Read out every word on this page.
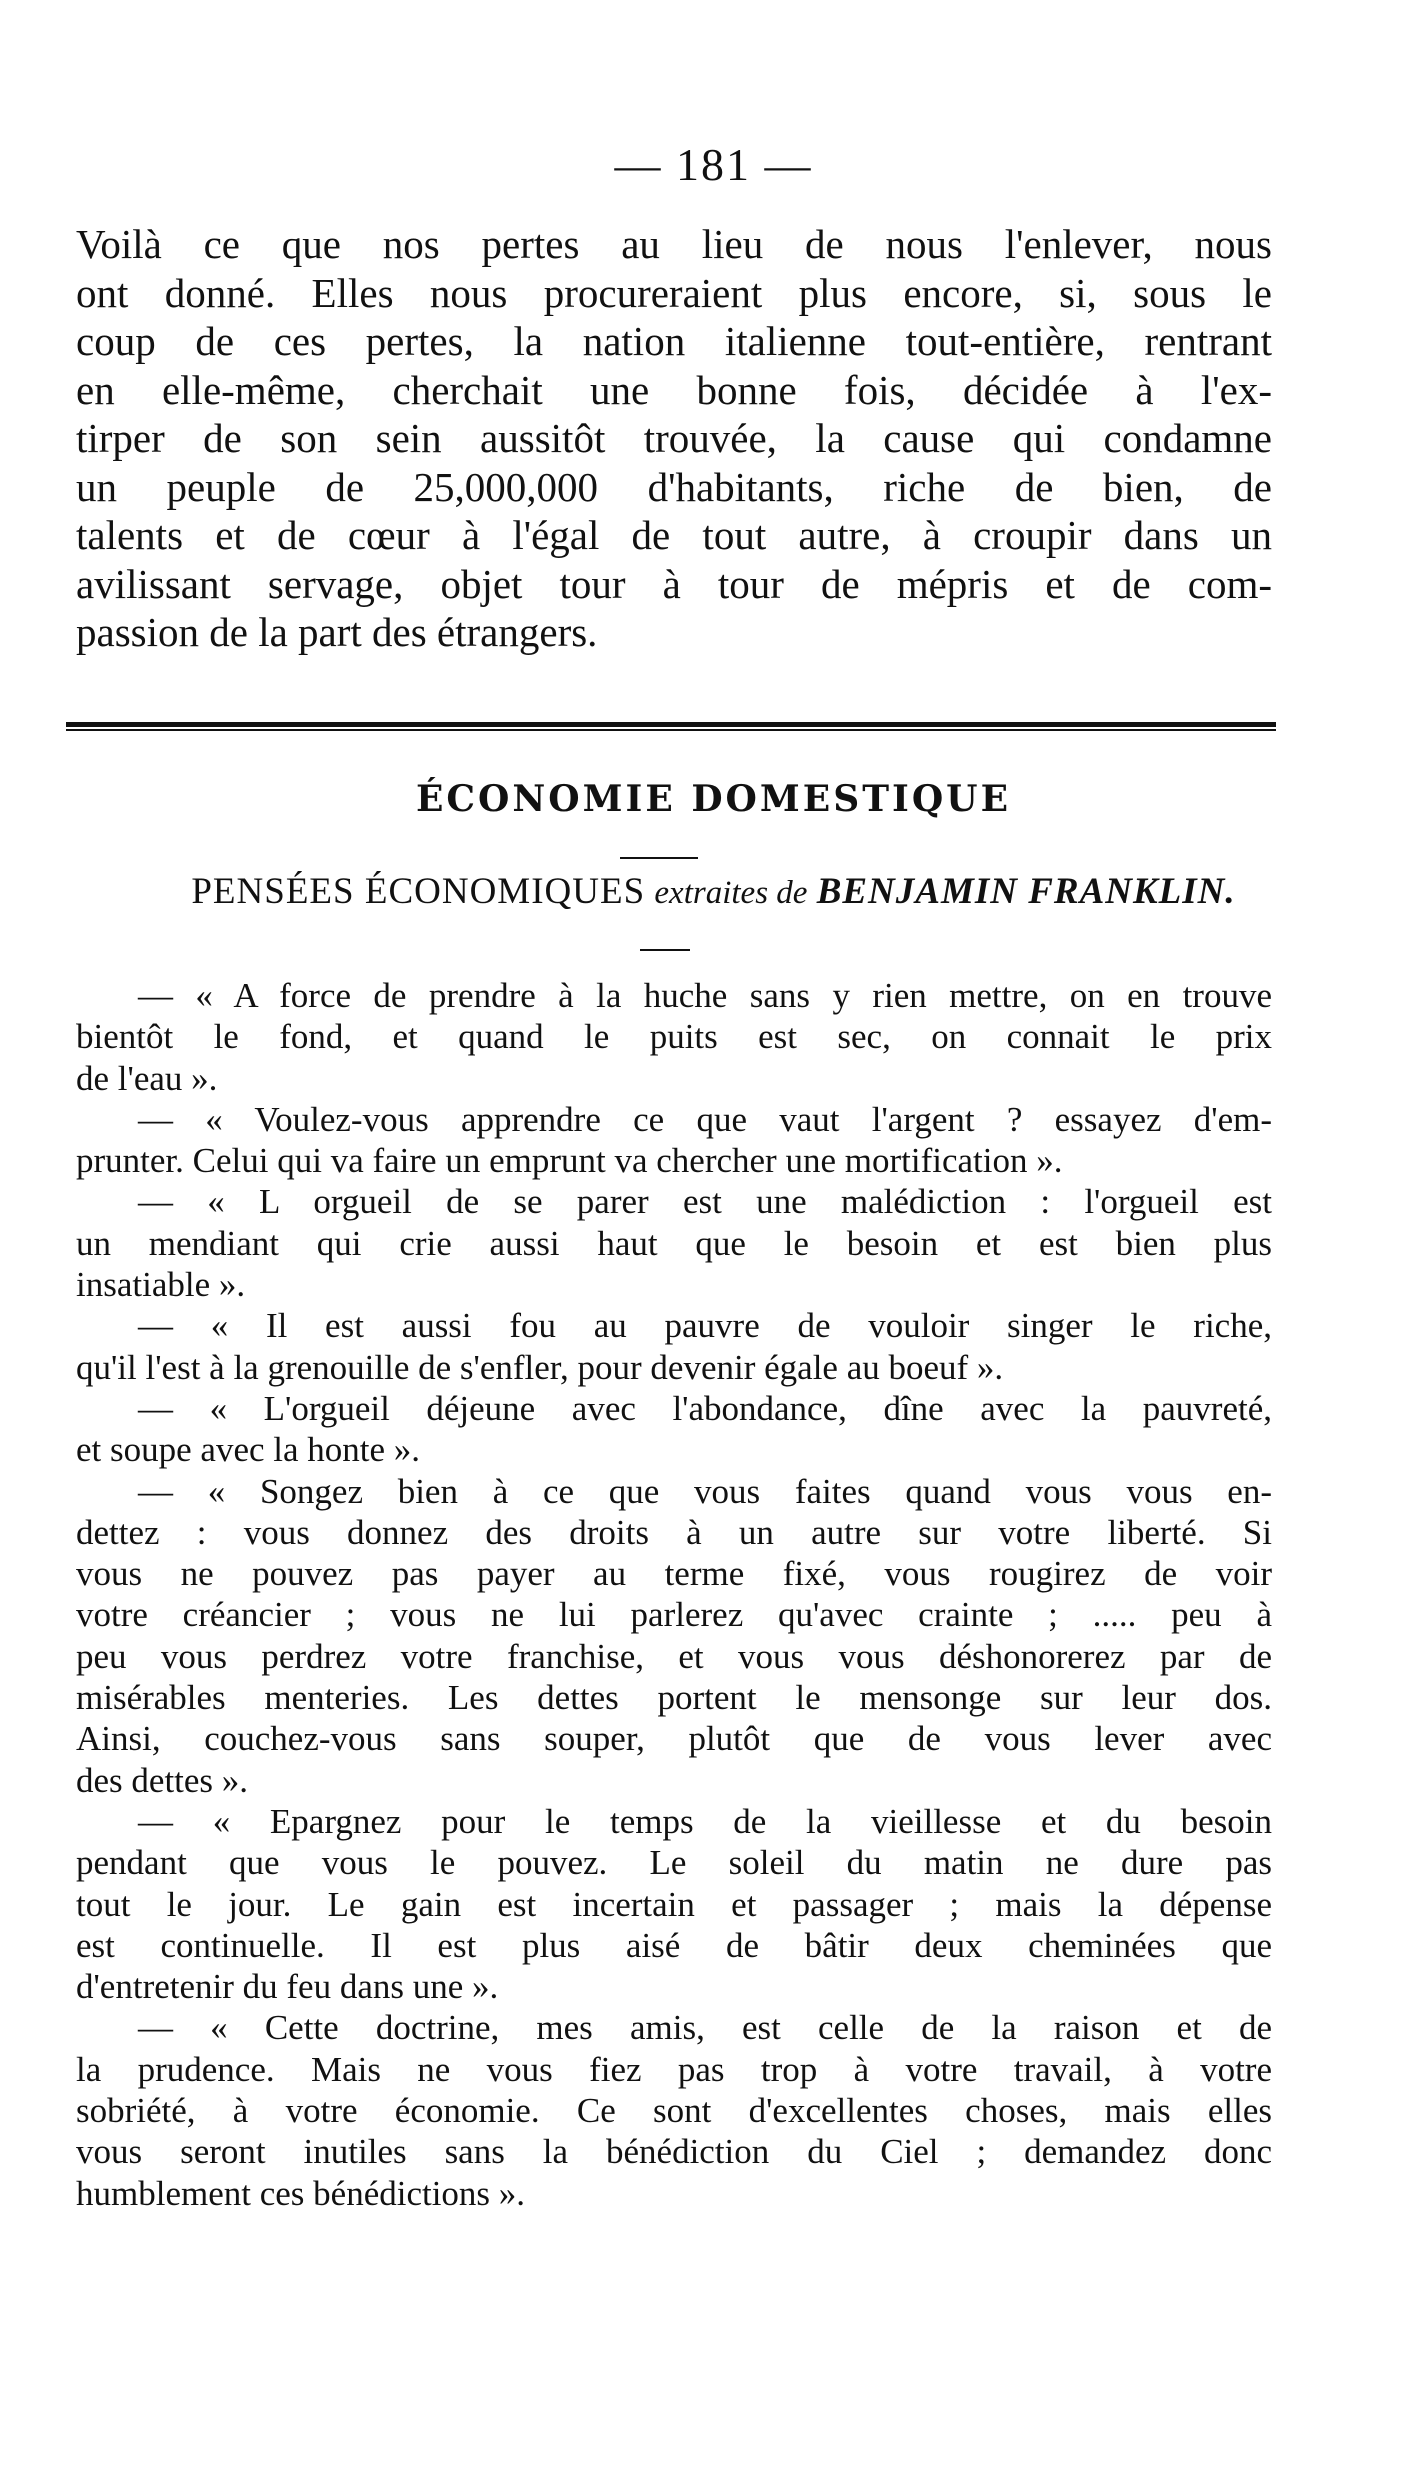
— 181 —
Voilà ce que nos pertes au lieu de nous l'enlever, nous
ont donné. Elles nous procureraient plus encore, si, sous le
coup de ces pertes, la nation italienne tout-entière, rentrant
en elle-même, cherchait une bonne fois, décidée à l'ex-
tirper de son sein aussitôt trouvée, la cause qui condamne
un peuple de 25,000,000 d'habitants, riche de bien, de
talents et de cœur à l'égal de tout autre, à croupir dans un
avilissant servage, objet tour à tour de mépris et de com-
passion de la part des étrangers.
ÉCONOMIE DOMESTIQUE
PENSÉES ÉCONOMIQUES extraites de BENJAMIN FRANKLIN.
— « A force de prendre à la huche sans y rien mettre, on en trouve
bientôt le fond, et quand le puits est sec, on connait le prix
de l'eau ».
— « Voulez-vous apprendre ce que vaut l'argent ? essayez d'em-
prunter. Celui qui va faire un emprunt va chercher une mortification ».
— « L orgueil de se parer est une malédiction : l'orgueil est
un mendiant qui crie aussi haut que le besoin et est bien plus
insatiable ».
— « Il est aussi fou au pauvre de vouloir singer le riche,
qu'il l'est à la grenouille de s'enfler, pour devenir égale au boeuf ».
— « L'orgueil déjeune avec l'abondance, dîne avec la pauvreté,
et soupe avec la honte ».
— « Songez bien à ce que vous faites quand vous vous en-
dettez : vous donnez des droits à un autre sur votre liberté. Si
vous ne pouvez pas payer au terme fixé, vous rougirez de voir
votre créancier ; vous ne lui parlerez qu'avec crainte ; ..... peu à
peu vous perdrez votre franchise, et vous vous déshonorerez par de
misérables menteries. Les dettes portent le mensonge sur leur dos.
Ainsi, couchez-vous sans souper, plutôt que de vous lever avec
des dettes ».
— « Epargnez pour le temps de la vieillesse et du besoin
pendant que vous le pouvez. Le soleil du matin ne dure pas
tout le jour. Le gain est incertain et passager ; mais la dépense
est continuelle. Il est plus aisé de bâtir deux cheminées que
d'entretenir du feu dans une ».
— « Cette doctrine, mes amis, est celle de la raison et de
la prudence. Mais ne vous fiez pas trop à votre travail, à votre
sobriété, à votre économie. Ce sont d'excellentes choses, mais elles
vous seront inutiles sans la bénédiction du Ciel ; demandez donc
humblement ces bénédictions ».
